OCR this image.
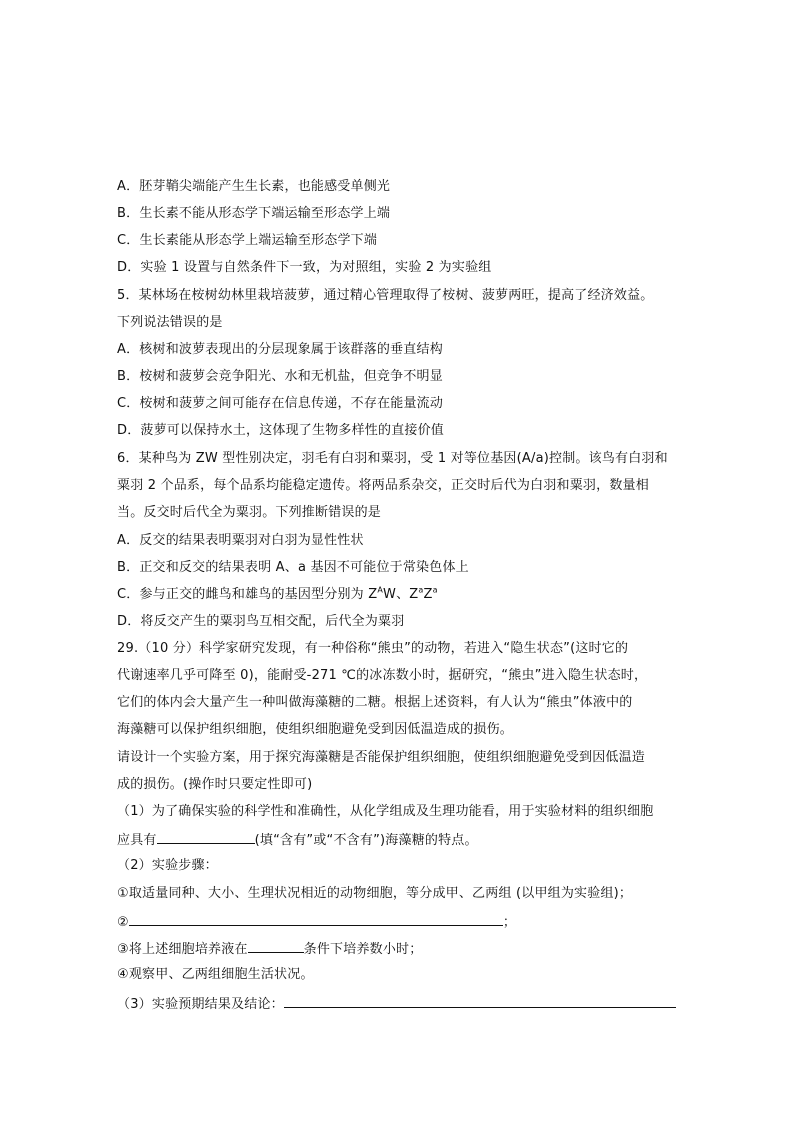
A．胚芽鞘尖端能产生生长素，也能感受单侧光
B．生长素不能从形态学下端运输至形态学上端
C．生长素能从形态学上端运输至形态学下端
D．实验 1 设置与自然条件下一致，为对照组，实验 2 为实验组
5．某林场在桉树幼林里栽培菠萝，通过精心管理取得了桉树、菠萝两旺，提高了经济效益。
下列说法错误的是
A．核树和波萝表现出的分层现象属于该群落的垂直结构
B．桉树和菠萝会竞争阳光、水和无机盐，但竞争不明显
C．桉树和菠萝之间可能存在信息传递，不存在能量流动
D．菠萝可以保持水土，这体现了生物多样性的直接价值
6．某种鸟为 ZW 型性别决定，羽毛有白羽和粟羽，受 1 对等位基因(A/a)控制。该鸟有白羽和
粟羽 2 个品系，每个品系均能稳定遗传。将两品系杂交，正交时后代为白羽和粟羽，数量相
当。反交时后代全为粟羽。下列推断错误的是
A．反交的结果表明粟羽对白羽为显性性状
B．正交和反交的结果表明 A、a 基因不可能位于常染色体上
C．参与正交的雌鸟和雄鸟的基因型分别为 $Z^AW$、$Z^aZ^a$
D．将反交产生的粟羽鸟互相交配，后代全为粟羽
29.（10 分）科学家研究发现，有一种俗称“熊虫”的动物，若进入“隐生状态”(这时它的
代谢速率几乎可降至 0)，能耐受-271 ℃的冰冻数小时，据研究，“熊虫”进入隐生状态时，
它们的体内会大量产生一种叫做海藻糖的二糖。根据上述资料，有人认为“熊虫”体液中的
海藻糖可以保护组织细胞，使组织细胞避免受到因低温造成的损伤。
请设计一个实验方案，用于探究海藻糖是否能保护组织细胞，使组织细胞避免受到因低温造
成的损伤。(操作时只要定性即可)
（1）为了确保实验的科学性和准确性，从化学组成及生理功能看，用于实验材料的组织细胞
应具有	(填“含有”或“不含有”)海藻糖的特点。
（2）实验步骤：
①取适量同种、大小、生理状况相近的动物细胞，等分成甲、乙两组 (以甲组为实验组)；
②	；
③将上述细胞培养液在	条件下培养数小时；
④观察甲、乙两组细胞生活状况。
（3）实验预期结果及结论：
